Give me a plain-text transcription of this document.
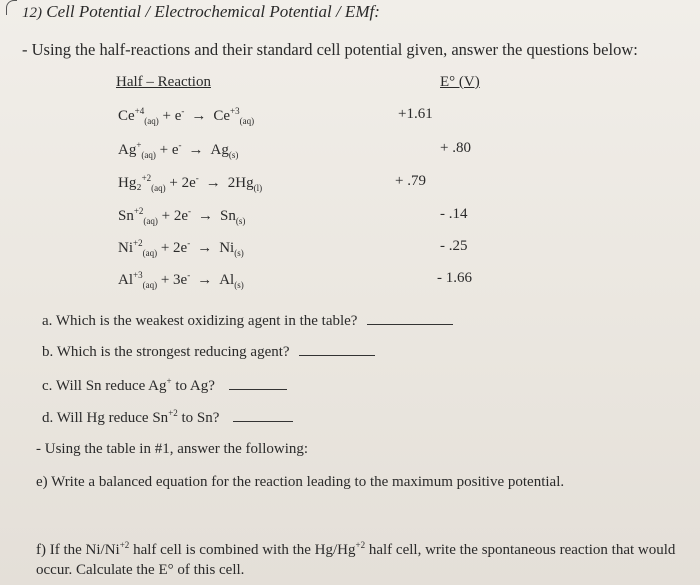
12) Cell Potential / Electrochemical Potential / EMf:
- Using the half-reactions and their standard cell potential given, answer the questions below:
Half – Reaction	E° (V)
$Ce^{+4}_{(aq)} + e^- \to Ce^{+3}_{(aq)}$	+1.61
$Ag^+_{(aq)} + e^- \to Ag_{(s)}$	+ .80
$Hg_2^{+2}_{(aq)} + 2e^- \to 2Hg_{(l)}$	+ .79
$Sn^{+2}_{(aq)} + 2e^- \to Sn_{(s)}$	- .14
$Ni^{+2}_{(aq)} + 2e^- \to Ni_{(s)}$	- .25
$Al^{+3}_{(aq)} + 3e^- \to Al_{(s)}$	- 1.66
a. Which is the weakest oxidizing agent in the table?
b. Which is the strongest reducing agent?
c. Will Sn reduce Ag+ to Ag?
d. Will Hg reduce $Sn^{+2}$ to Sn?
- Using the table in #1, answer the following:
e) Write a balanced equation for the reaction leading to the maximum positive potential.
f) If the $Ni/Ni^{+2}$ half cell is combined with the $Hg/Hg^{+2}$ half cell, write the spontaneous reaction that would
occur. Calculate the E° of this cell.
